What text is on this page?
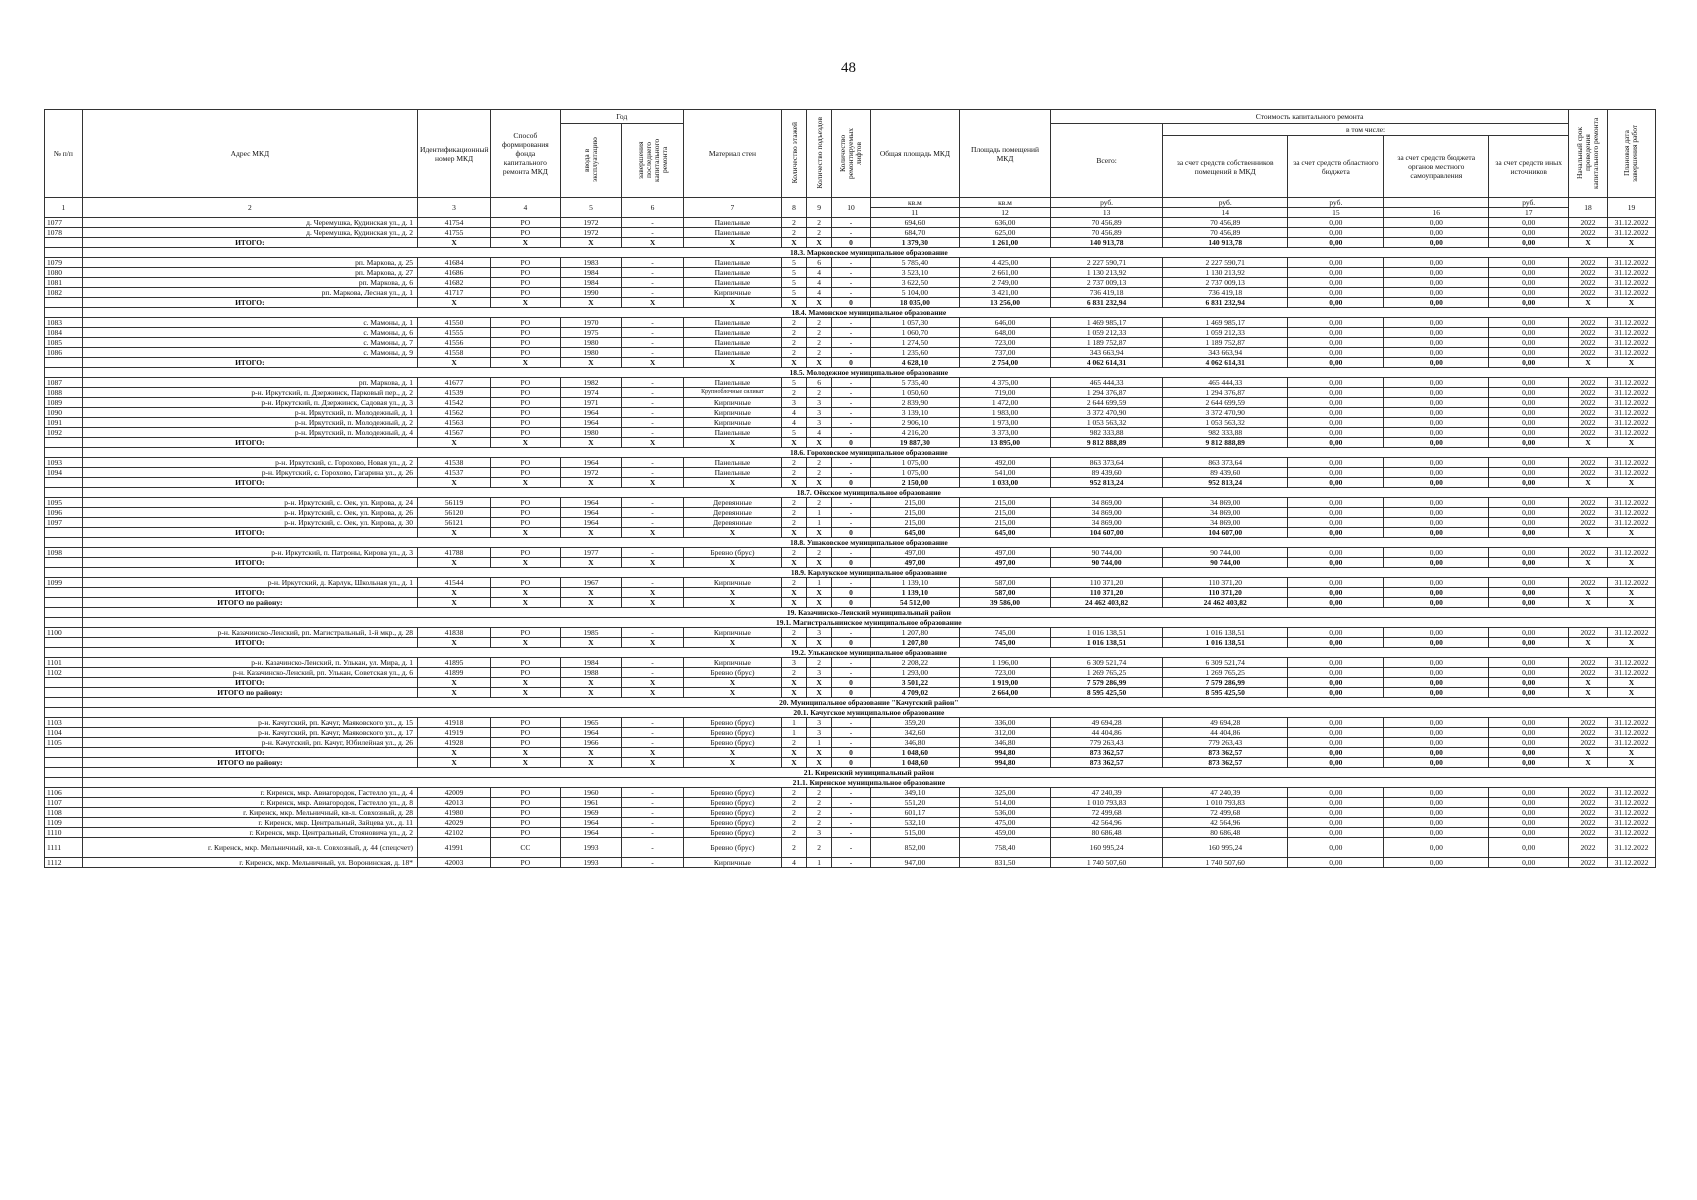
48
№ п/п	Адрес МКД	Идентификационный номер МКД	Способ формирования фонда капитального ремонта МКД	Год		Материал стен	Количество этажей	Количество подъездов	Количество ремонтируемых лифтов	Общая площадь МКД	Площадь помещений МКД	Стоимость капитального ремонта					Начальный срок проведения капитального ремонта	Плановая дата завершения работ
				ввода в эксплуатацию	завершения последнего капитального ремонта							Всего:	в том числе:					
													за счет средств собственников помещений в МКД	за счет средств областного бюджета	за счет средств бюджета органов местного самоуправления	за счет средств иных источников		
1	2	3	4	5	6	7	8	9	10	кв.м	кв.м	руб.	руб.	руб.		руб.	18	19
										11	12	13	14	15	16	17		
1077	д. Черемушка, Кудинская ул., д. 1	41754	РО	1972	-	Панельные	2	2	-	694,60	636,00	70 456,89	70 456,89	0,00	0,00	0,00	2022	31.12.2022
1078	д. Черемушка, Кудинская ул., д. 2	41755	РО	1972	-	Панельные	2	2	-	684,70	625,00	70 456,89	70 456,89	0,00	0,00	0,00	2022	31.12.2022
	ИТОГО:	X	X	X	X	X	X	X	0	1 379,30	1 261,00	140 913,78	140 913,78	0,00	0,00	0,00	X	X
	18.3. Марковское муниципальное образование																	
1079	рп. Маркова, д. 25	41684	РО	1983	-	Панельные	5	6	-	5 785,40	4 425,00	2 227 590,71	2 227 590,71	0,00	0,00	0,00	2022	31.12.2022
1080	рп. Маркова, д. 27	41686	РО	1984	-	Панельные	5	4	-	3 523,10	2 661,00	1 130 213,92	1 130 213,92	0,00	0,00	0,00	2022	31.12.2022
1081	рп. Маркова, д. 6	41682	РО	1984	-	Панельные	5	4	-	3 622,50	2 749,00	2 737 009,13	2 737 009,13	0,00	0,00	0,00	2022	31.12.2022
1082	рп. Маркова, Лесная ул., д. 1	41717	РО	1990	-	Кирпичные	5	4	-	5 104,00	3 421,00	736 419,18	736 419,18	0,00	0,00	0,00	2022	31.12.2022
	ИТОГО:	X	X	X	X	X	X	X	0	18 035,00	13 256,00	6 831 232,94	6 831 232,94	0,00	0,00	0,00	X	X
	18.4. Мамонское муниципальное образование																	
1083	с. Мамоны, д. 1	41550	РО	1970	-	Панельные	2	2	-	1 057,30	646,00	1 469 985,17	1 469 985,17	0,00	0,00	0,00	2022	31.12.2022
1084	с. Мамоны, д. 6	41555	РО	1975	-	Панельные	2	2	-	1 060,70	648,00	1 059 212,33	1 059 212,33	0,00	0,00	0,00	2022	31.12.2022
1085	с. Мамоны, д. 7	41556	РО	1980	-	Панельные	2	2	-	1 274,50	723,00	1 189 752,87	1 189 752,87	0,00	0,00	0,00	2022	31.12.2022
1086	с. Мамоны, д. 9	41558	РО	1980	-	Панельные	2	2	-	1 235,60	737,00	343 663,94	343 663,94	0,00	0,00	0,00	2022	31.12.2022
	ИТОГО:	X	X	X	X	X	X	X	0	4 628,10	2 754,00	4 062 614,31	4 062 614,31	0,00	0,00	0,00	X	X
	18.5. Молодежное муниципальное образование																	
1087	рп. Маркова, д. 1	41677	РО	1982	-	Панельные	5	6	-	5 735,40	4 375,00	465 444,33	465 444,33	0,00	0,00	0,00	2022	31.12.2022
1088	р-н. Иркутский, п. Дзержинск, Парковый пер., д. 2	41539	РО	1974	-	Крупноблочные силикат	2	2	-	1 050,60	719,00	1 294 376,87	1 294 376,87	0,00	0,00	0,00	2022	31.12.2022
1089	р-н. Иркутский, п. Дзержинск, Садовая ул., д. 3	41542	РО	1971	-	Кирпичные	3	3	-	2 839,90	1 472,00	2 644 699,59	2 644 699,59	0,00	0,00	0,00	2022	31.12.2022
1090	р-н. Иркутский, п. Молодежный, д. 1	41562	РО	1964	-	Кирпичные	4	3	-	3 139,10	1 983,00	3 372 470,90	3 372 470,90	0,00	0,00	0,00	2022	31.12.2022
1091	р-н. Иркутский, п. Молодежный, д. 2	41563	РО	1964	-	Кирпичные	4	3	-	2 906,10	1 973,00	1 053 563,32	1 053 563,32	0,00	0,00	0,00	2022	31.12.2022
1092	р-н. Иркутский, п. Молодежный, д. 4	41567	РО	1980	-	Панельные	5	4	-	4 216,20	3 373,00	982 333,88	982 333,88	0,00	0,00	0,00	2022	31.12.2022
	ИТОГО:	X	X	X	X	X	X	X	0	19 887,30	13 895,00	9 812 888,89	9 812 888,89	0,00	0,00	0,00	X	X
	18.6. Гороховское муниципальное образование																	
1093	р-н. Иркутский, с. Горохово, Новая ул., д. 2	41538	РО	1964	-	Панельные	2	2	-	1 075,00	492,00	863 373,64	863 373,64	0,00	0,00	0,00	2022	31.12.2022
1094	р-н. Иркутский, с. Горохово, Гагарина ул., д. 26	41537	РО	1972	-	Панельные	2	2	-	1 075,00	541,00	89 439,60	89 439,60	0,00	0,00	0,00	2022	31.12.2022
	ИТОГО:	X	X	X	X	X	X	X	0	2 150,00	1 033,00	952 813,24	952 813,24	0,00	0,00	0,00	X	X
	18.7. Оёкское муниципальное образование																	
1095	р-н. Иркутский, с. Оек, ул. Кирова, д. 24	56119	РО	1964	-	Деревянные	2	2	-	215,00	215,00	34 869,00	34 869,00	0,00	0,00	0,00	2022	31.12.2022
1096	р-н. Иркутский, с. Оек, ул. Кирова, д. 26	56120	РО	1964	-	Деревянные	2	1	-	215,00	215,00	34 869,00	34 869,00	0,00	0,00	0,00	2022	31.12.2022
1097	р-н. Иркутский, с. Оек, ул. Кирова, д. 30	56121	РО	1964	-	Деревянные	2	1	-	215,00	215,00	34 869,00	34 869,00	0,00	0,00	0,00	2022	31.12.2022
	ИТОГО:	X	X	X	X	X	X	X	0	645,00	645,00	104 607,00	104 607,00	0,00	0,00	0,00	X	X
	18.8. Ушаковское муниципальное образование																	
1098	р-н. Иркутский, п. Патроны, Кирова ул., д. 3	41788	РО	1977	-	Бревно (брус)	2	2	-	497,00	497,00	90 744,00	90 744,00	0,00	0,00	0,00	2022	31.12.2022
	ИТОГО:	X	X	X	X	X	X	X	0	497,00	497,00	90 744,00	90 744,00	0,00	0,00	0,00	X	X
	18.9. Карлукское муниципальное образование																	
1099	р-н. Иркутский, д. Карлук, Школьная ул., д. 1	41544	РО	1967	-	Кирпичные	2	1	-	1 139,10	587,00	110 371,20	110 371,20	0,00	0,00	0,00	2022	31.12.2022
	ИТОГО:	X	X	X	X	X	X	X	0	1 139,10	587,00	110 371,20	110 371,20	0,00	0,00	0,00	X	X
	ИТОГО по району:	X	X	X	X	X	X	X	0	54 512,00	39 586,00	24 462 403,82	24 462 403,82	0,00	0,00	0,00	X	X
	19. Казачинско-Ленский муниципальный район																	
	19.1. Магистральнинское муниципальное образование																	
1100	р-н. Казачинско-Ленский, рп. Магистральный, 1-й мкр., д. 28	41838	РО	1985	-	Кирпичные	2	3	-	1 207,80	745,00	1 016 138,51	1 016 138,51	0,00	0,00	0,00	2022	31.12.2022
	ИТОГО:	X	X	X	X	X	X	X	0	1 207,80	745,00	1 016 138,51	1 016 138,51	0,00	0,00	0,00	X	X
	19.2. Ульканское муниципальное образование																	
1101	р-н. Казачинско-Ленский, п. Улькан, ул. Мира, д. 1	41895	РО	1984	-	Кирпичные	3	2	-	2 208,22	1 196,00	6 309 521,74	6 309 521,74	0,00	0,00	0,00	2022	31.12.2022
1102	р-н. Казачинско-Ленский, рп. Улькан, Советская ул., д. 6	41899	РО	1988	-	Бревно (брус)	2	3	-	1 293,00	723,00	1 269 765,25	1 269 765,25	0,00	0,00	0,00	2022	31.12.2022
	ИТОГО:	X	X	X	X	X	X	X	0	3 501,22	1 919,00	7 579 286,99	7 579 286,99	0,00	0,00	0,00	X	X
	ИТОГО по району:	X	X	X	X	X	X	X	0	4 709,02	2 664,00	8 595 425,50	8 595 425,50	0,00	0,00	0,00	X	X
	20. Муниципальное образование "Качугский район"																	
	20.1. Качугское муниципальное образование																	
1103	р-н. Качугский, рп. Качуг, Маяковского ул., д. 15	41918	РО	1965	-	Бревно (брус)	1	3	-	359,20	336,00	49 694,28	49 694,28	0,00	0,00	0,00	2022	31.12.2022
1104	р-н. Качугский, рп. Качуг, Маяковского ул., д. 17	41919	РО	1964	-	Бревно (брус)	1	3	-	342,60	312,00	44 404,86	44 404,86	0,00	0,00	0,00	2022	31.12.2022
1105	р-н. Качугский, рп. Качуг, Юбилейная ул., д. 26	41928	РО	1966	-	Бревно (брус)	2	1	-	346,80	346,80	779 263,43	779 263,43	0,00	0,00	0,00	2022	31.12.2022
	ИТОГО:	X	X	X	X	X	X	X	0	1 048,60	994,80	873 362,57	873 362,57	0,00	0,00	0,00	X	X
	ИТОГО по району:	X	X	X	X	X	X	X	0	1 048,60	994,80	873 362,57	873 362,57	0,00	0,00	0,00	X	X
	21. Киренский муниципальный район																	
	21.1. Киренское муниципальное образование																	
1106	г. Киренск, мкр. Авиагородок, Гастелло ул., д. 4	42009	РО	1960	-	Бревно (брус)	2	2	-	349,10	325,00	47 240,39	47 240,39	0,00	0,00	0,00	2022	31.12.2022
1107	г. Киренск, мкр. Авиагородок, Гастелло ул., д. 8	42013	РО	1961	-	Бревно (брус)	2	2	-	551,20	514,00	1 010 793,83	1 010 793,83	0,00	0,00	0,00	2022	31.12.2022
1108	г. Киренск, мкр. Мельничный, кв-л. Совхозный, д. 28	41980	РО	1969	-	Бревно (брус)	2	2	-	601,17	536,00	72 499,68	72 499,68	0,00	0,00	0,00	2022	31.12.2022
1109	г. Киренск, мкр. Центральный, Зайцева ул., д. 11	42029	РО	1964	-	Бревно (брус)	2	2	-	532,10	475,00	42 564,96	42 564,96	0,00	0,00	0,00	2022	31.12.2022
1110	г. Киренск, мкр. Центральный, Стояновича ул., д. 2	42102	РО	1964	-	Бревно (брус)	2	3	-	515,00	459,00	80 686,48	80 686,48	0,00	0,00	0,00	2022	31.12.2022
1111	г. Киренск, мкр. Мельничный, кв-л. Совхозный, д. 44 (спецсчет)	41991	СС	1993	-	Бревно (брус)	2	2	-	852,00	758,40	160 995,24	160 995,24	0,00	0,00	0,00	2022	31.12.2022
1112	г. Киренск, мкр. Мельничный, ул. Воронинская, д. 18*	42003	РО	1993	-	Кирпичные	4	1	-	947,00	831,50	1 740 507,60	1 740 507,60	0,00	0,00	0,00	2022	31.12.2022
